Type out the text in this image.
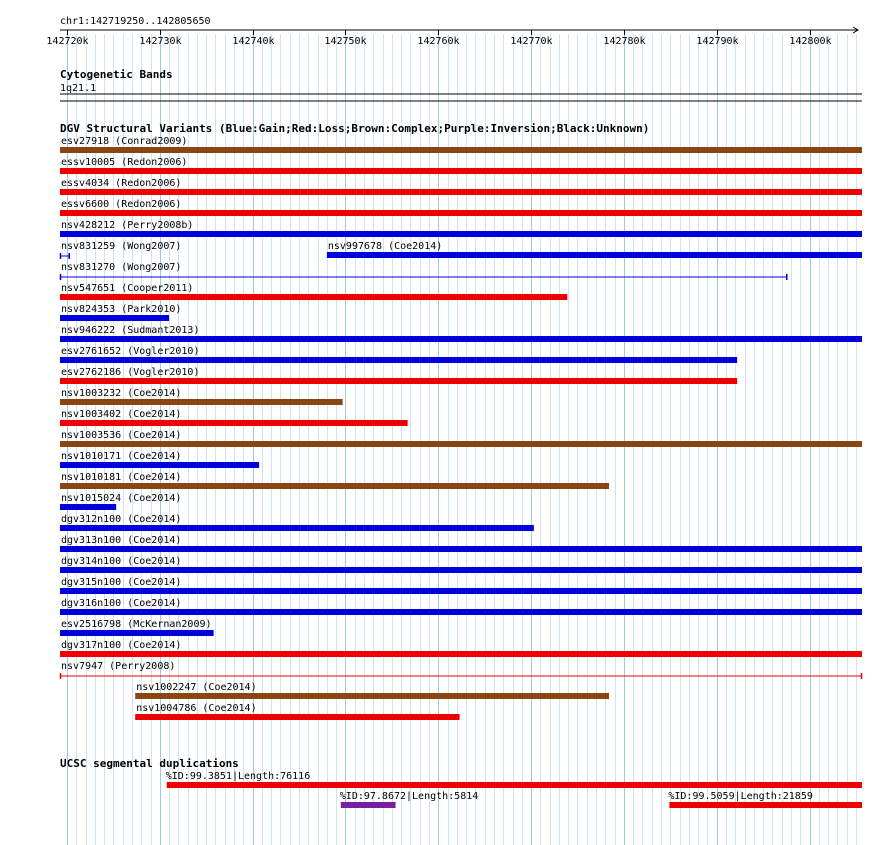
chr1:142719250..142805650
142720k	142730k	142740k	142750k	142760k	142770k	142780k	142790k	142800k
Cytogenetic Bands
1q21.1
DGV Structural Variants (Blue:Gain;Red:Loss;Brown:Complex;Purple:Inversion;Black:Unknown)
esv27918 (Conrad2009)
essv10005 (Redon2006)
essv4034 (Redon2006)
essv6600 (Redon2006)
nsv428212 (Perry2008b)
nsv831259 (Wong2007)	nsv997678 (Coe2014)
nsv831270 (Wong2007)
nsv547651 (Cooper2011)
nsv824353 (Park2010)
nsv946222 (Sudmant2013)
esv2761652 (Vogler2010)
esv2762186 (Vogler2010)
nsv1003232 (Coe2014)
nsv1003402 (Coe2014)
nsv1003536 (Coe2014)
nsv1010171 (Coe2014)
nsv1010181 (Coe2014)
nsv1015024 (Coe2014)
dgv312n100 (Coe2014)
dgv313n100 (Coe2014)
dgv314n100 (Coe2014)
dgv315n100 (Coe2014)
dgv316n100 (Coe2014)
esv2516798 (McKernan2009)
dgv317n100 (Coe2014)
nsv7947 (Perry2008)
nsv1002247 (Coe2014)
nsv1004786 (Coe2014)
UCSC segmental duplications
%ID:99.3851|Length:76116
%ID:97.8672|Length:5814	%ID:99.5059|Length:21859
